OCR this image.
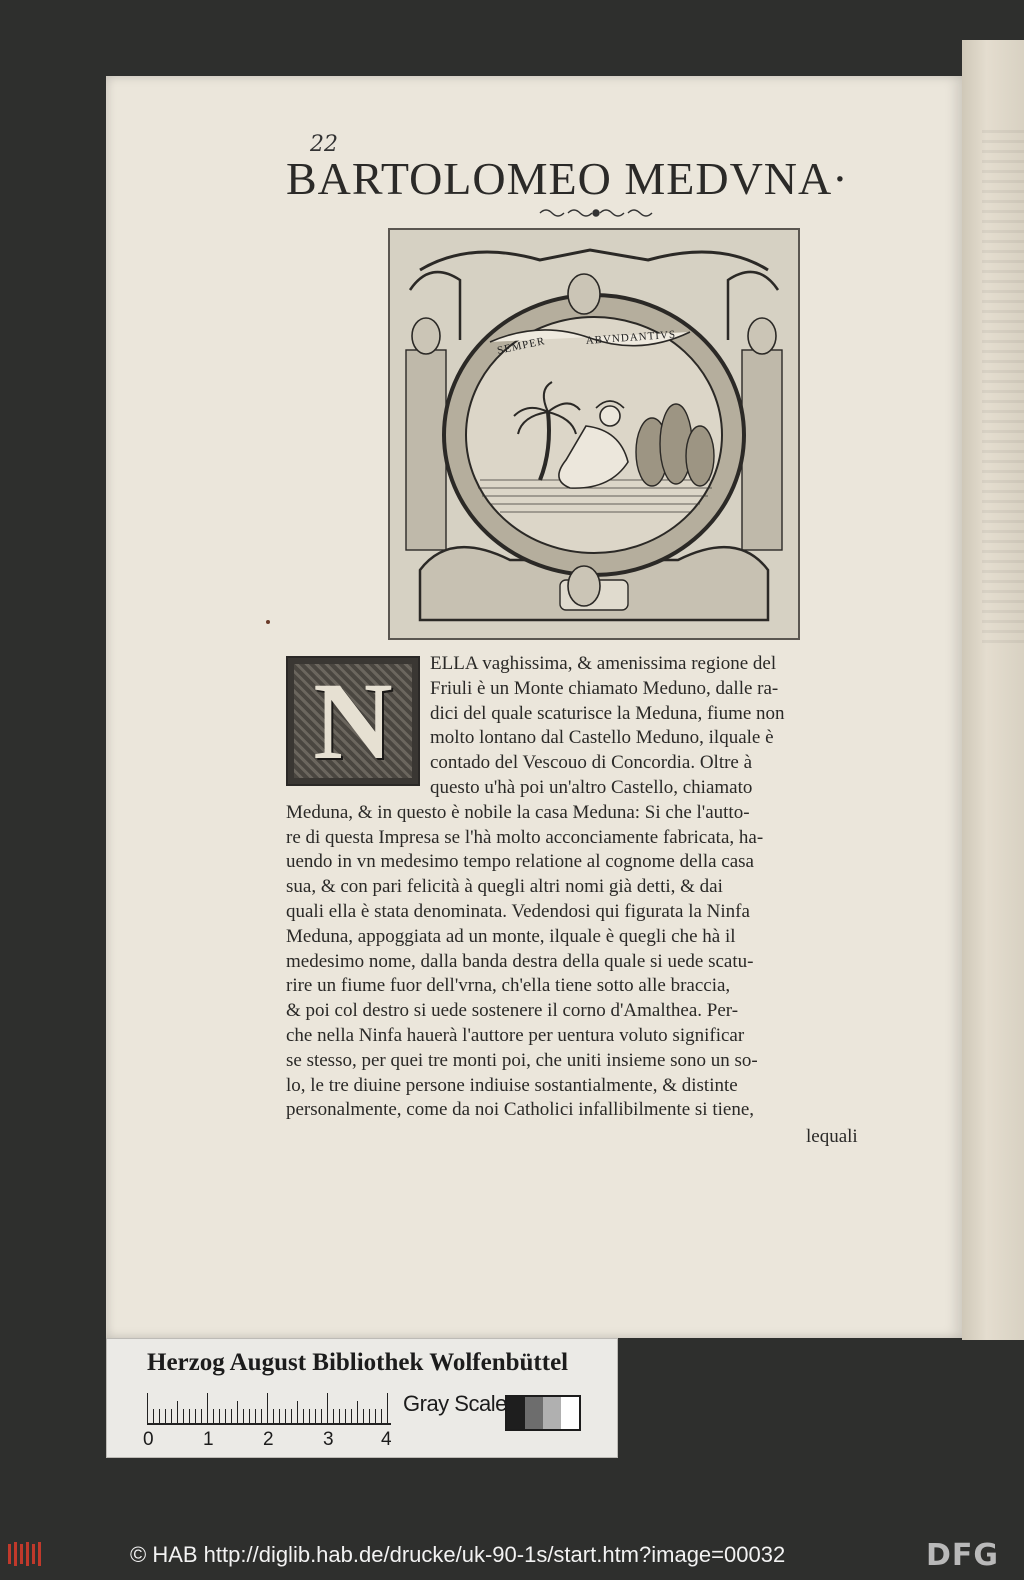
22
BARTOLOMEO MEDVNA·
SEMPER	ABVNDANTIVS
N	ELLA vaghissima, & amenissima regione del
Friuli è un Monte chiamato Meduno, dalle ra-
dici del quale scaturisce la Meduna, fiume non
molto lontano dal Castello Meduno, ilquale è
contado del Vescouo di Concordia. Oltre à
questo u'hà poi un'altro Castello, chiamato
Meduna, & in questo è nobile la casa Meduna: Si che l'autto-
re di questa Impresa se l'hà molto acconciamente fabricata, ha-
uendo in vn medesimo tempo relatione al cognome della casa
sua, & con pari felicità à quegli altri nomi già detti, & dai
quali ella è stata denominata. Vedendosi qui figurata la Ninfa
Meduna, appoggiata ad un monte, ilquale è quegli che hà il
medesimo nome, dalla banda destra della quale si uede scatu-
rire un fiume fuor dell'vrna, ch'ella tiene sotto alle braccia,
& poi col destro si uede sostenere il corno d'Amalthea. Per-
che nella Ninfa hauerà l'auttore per uentura voluto significar
se stesso, per quei tre monti poi, che uniti insieme sono un so-
lo, le tre diuine persone indiuise sostantialmente, & distinte
personalmente, come da noi Catholici infallibilmente si tiene,
lequali
Herzog August Bibliothek Wolfenbüttel
0	1	2	3 4
Gray Scale
© HAB http://diglib.hab.de/drucke/uk-90-1s/start.htm?image=00032	DFG
